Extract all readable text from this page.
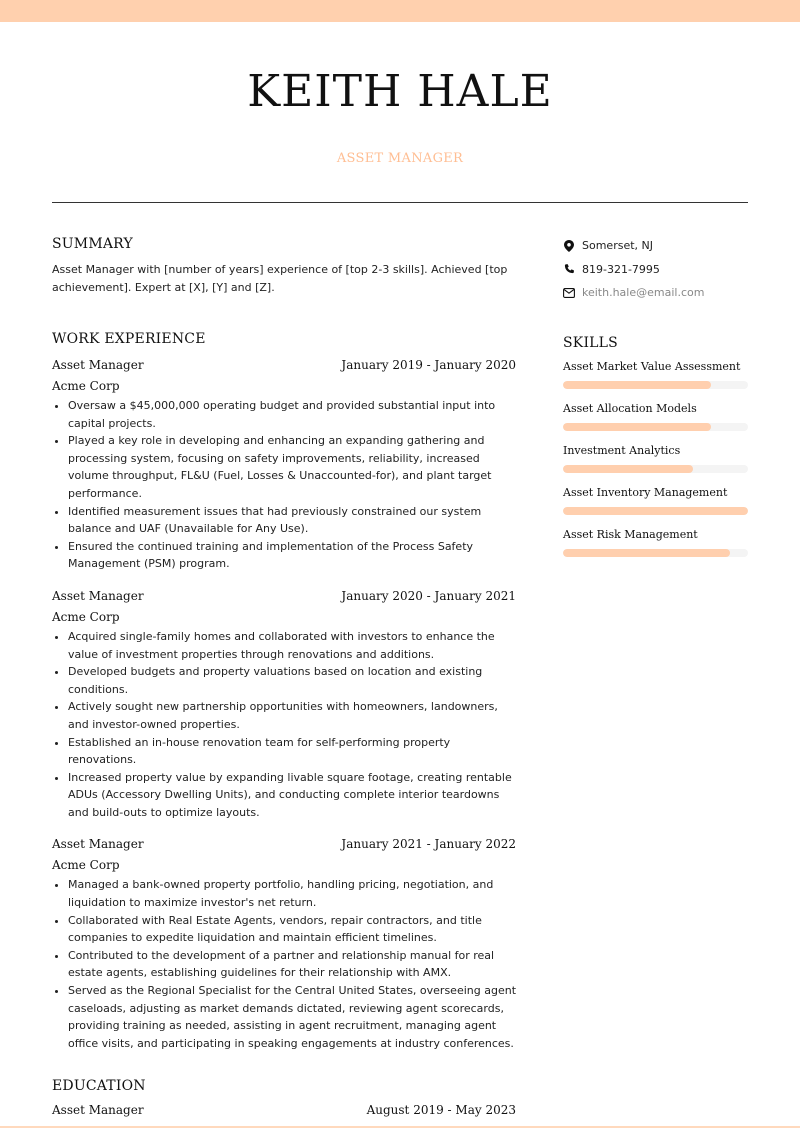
KEITH HALE
ASSET MANAGER
SUMMARY

Asset Manager with [number of years] experience of [top 2-3 skills]. Achieved [top achievement]. Expert at [X], [Y] and [Z].

WORK EXPERIENCE
Asset Manager	January 2019 - January 2020
Acme Corp
• Oversaw a $45,000,000 operating budget and provided substantial input into capital projects.
• Played a key role in developing and enhancing an expanding gathering and processing system, focusing on safety improvements, reliability, increased volume throughput, FL&U (Fuel, Losses & Unaccounted-for), and plant target performance.
• Identified measurement issues that had previously constrained our system balance and UAF (Unavailable for Any Use).
• Ensured the continued training and implementation of the Process Safety Management (PSM) program.
Asset Manager	January 2020 - January 2021
Acme Corp
• Acquired single-family homes and collaborated with investors to enhance the value of investment properties through renovations and additions.
• Developed budgets and property valuations based on location and existing conditions.
• Actively sought new partnership opportunities with homeowners, landowners, and investor-owned properties.
• Established an in-house renovation team for self-performing property renovations.
• Increased property value by expanding livable square footage, creating rentable ADUs (Accessory Dwelling Units), and conducting complete interior teardowns and build-outs to optimize layouts.
Asset Manager	January 2021 - January 2022
Acme Corp
• Managed a bank-owned property portfolio, handling pricing, negotiation, and liquidation to maximize investor's net return.
• Collaborated with Real Estate Agents, vendors, repair contractors, and title companies to expedite liquidation and maintain efficient timelines.
• Contributed to the development of a partner and relationship manual for real estate agents, establishing guidelines for their relationship with AMX.
• Served as the Regional Specialist for the Central United States, overseeing agent caseloads, adjusting as market demands dictated, reviewing agent scorecards, providing training as needed, assisting in agent recruitment, managing agent office visits, and participating in speaking engagements at industry conferences.
EDUCATION
Asset Manager	August 2019 - May 2023
Somerset, NJ
819-321-7995
keith.hale@email.com
SKILLS
Asset Market Value Assessment
Asset Allocation Models
Investment Analytics
Asset Inventory Management
Asset Risk Management
